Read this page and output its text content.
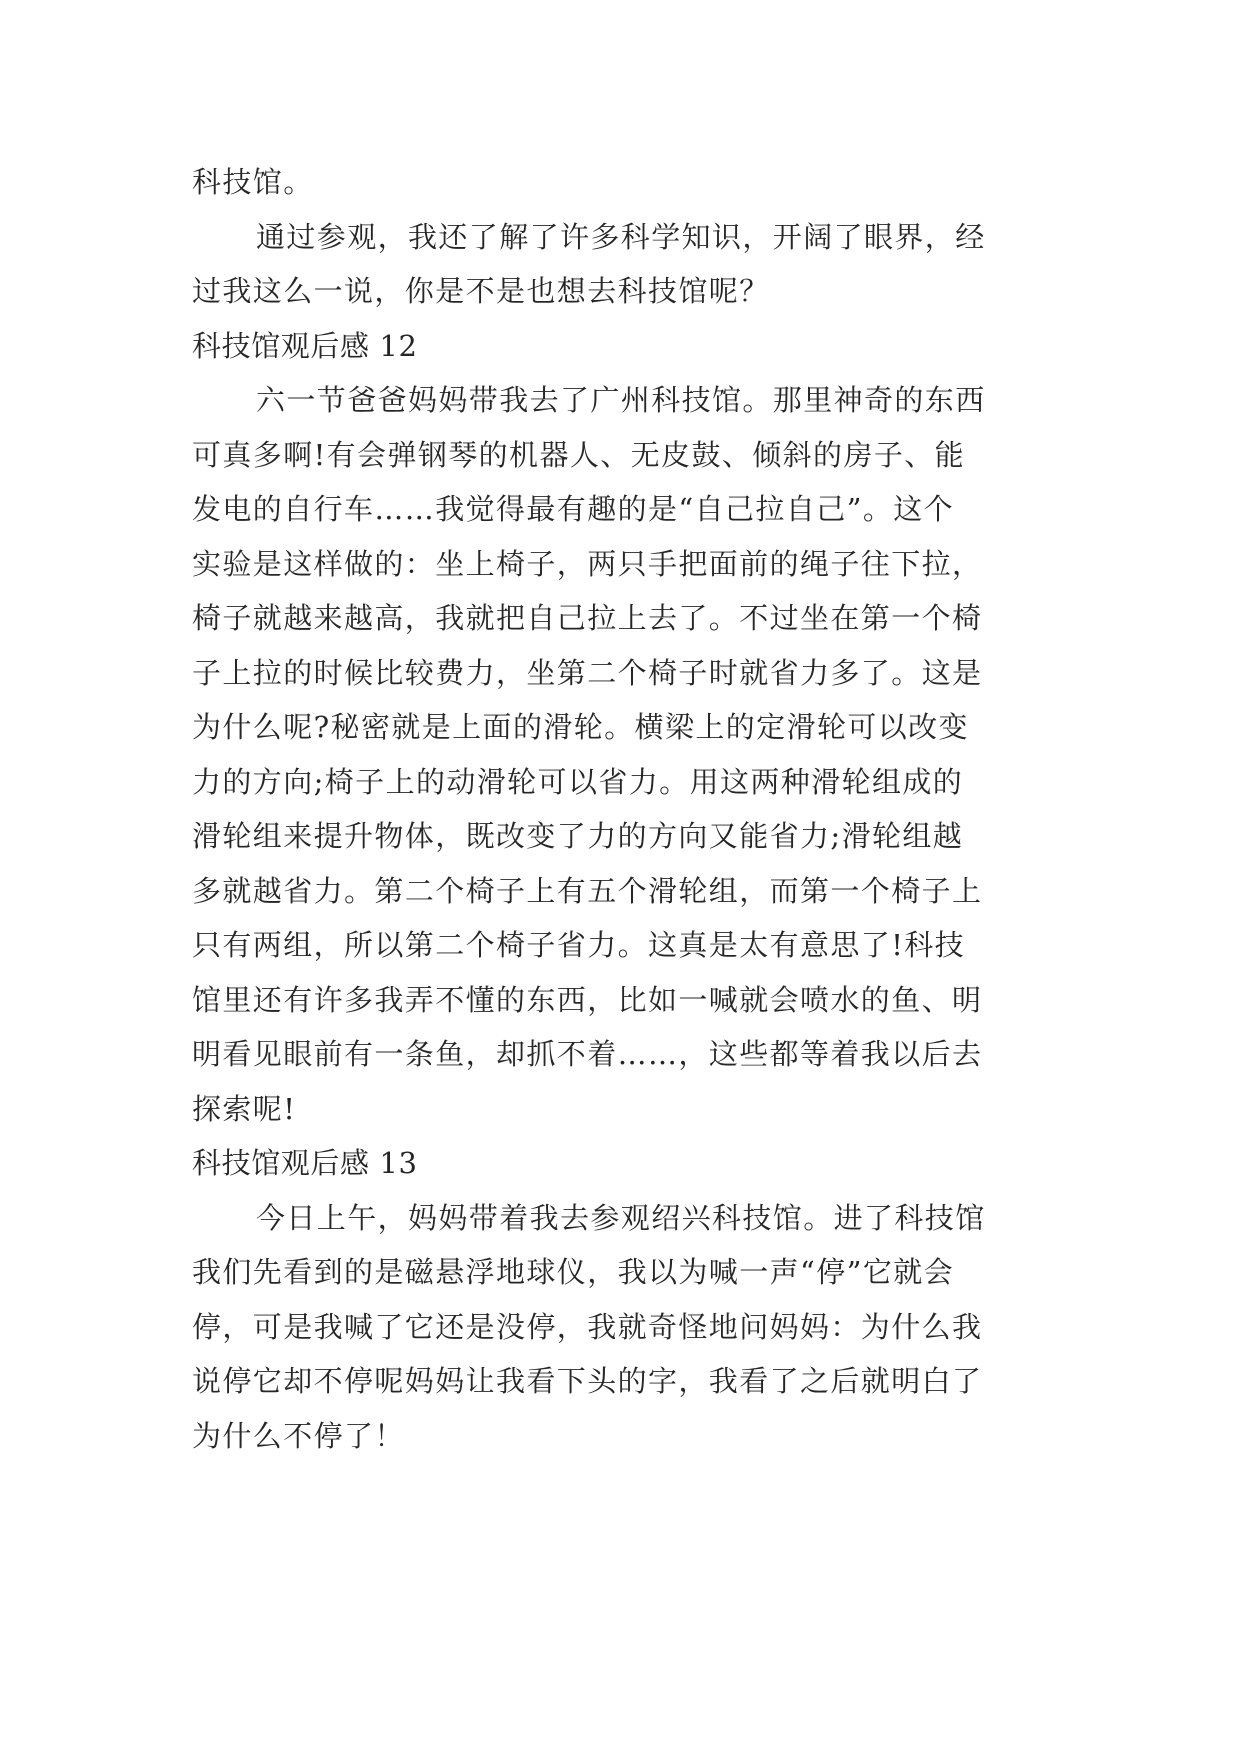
科技馆。
通过参观，我还了解了许多科学知识，开阔了眼界，经
过我这么一说，你是不是也想去科技馆呢？
科技馆观后感 12
六一节爸爸妈妈带我去了广州科技馆。那里神奇的东西
可真多啊!有会弹钢琴的机器人、无皮鼓、倾斜的房子、能
发电的自行车……我觉得最有趣的是“自己拉自己”。这个
实验是这样做的：坐上椅子，两只手把面前的绳子往下拉，
椅子就越来越高，我就把自己拉上去了。不过坐在第一个椅
子上拉的时候比较费力，坐第二个椅子时就省力多了。这是
为什么呢?秘密就是上面的滑轮。横梁上的定滑轮可以改变
力的方向;椅子上的动滑轮可以省力。用这两种滑轮组成的
滑轮组来提升物体，既改变了力的方向又能省力;滑轮组越
多就越省力。第二个椅子上有五个滑轮组，而第一个椅子上
只有两组，所以第二个椅子省力。这真是太有意思了!科技
馆里还有许多我弄不懂的东西，比如一喊就会喷水的鱼、明
明看见眼前有一条鱼，却抓不着……，这些都等着我以后去
探索呢!
科技馆观后感 13
今日上午，妈妈带着我去参观绍兴科技馆。进了科技馆
我们先看到的是磁悬浮地球仪，我以为喊一声“停”它就会
停，可是我喊了它还是没停，我就奇怪地问妈妈：为什么我
说停它却不停呢妈妈让我看下头的字，我看了之后就明白了
为什么不停了！
